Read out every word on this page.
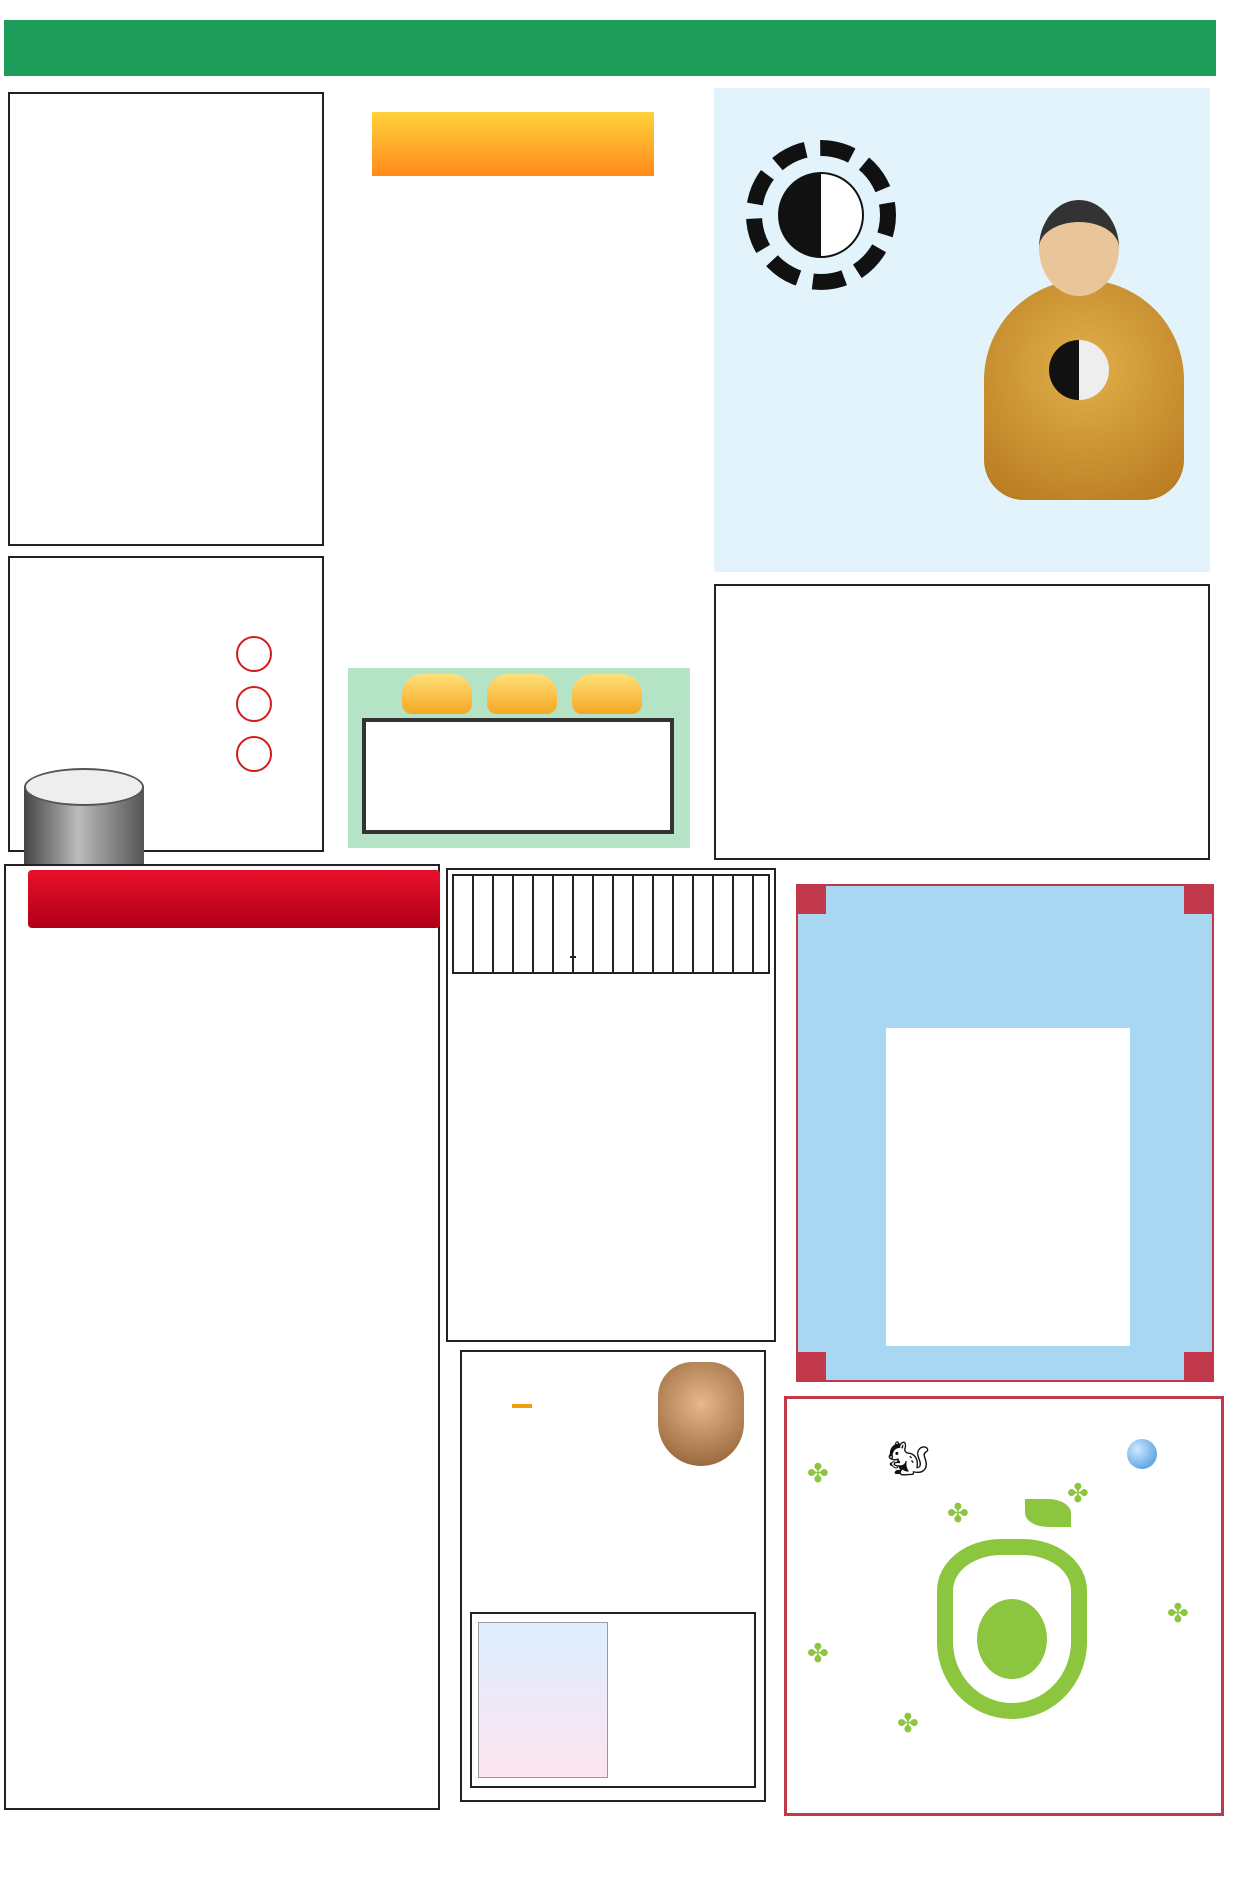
✤
✤
✤
✤
✤
✤
🐿
